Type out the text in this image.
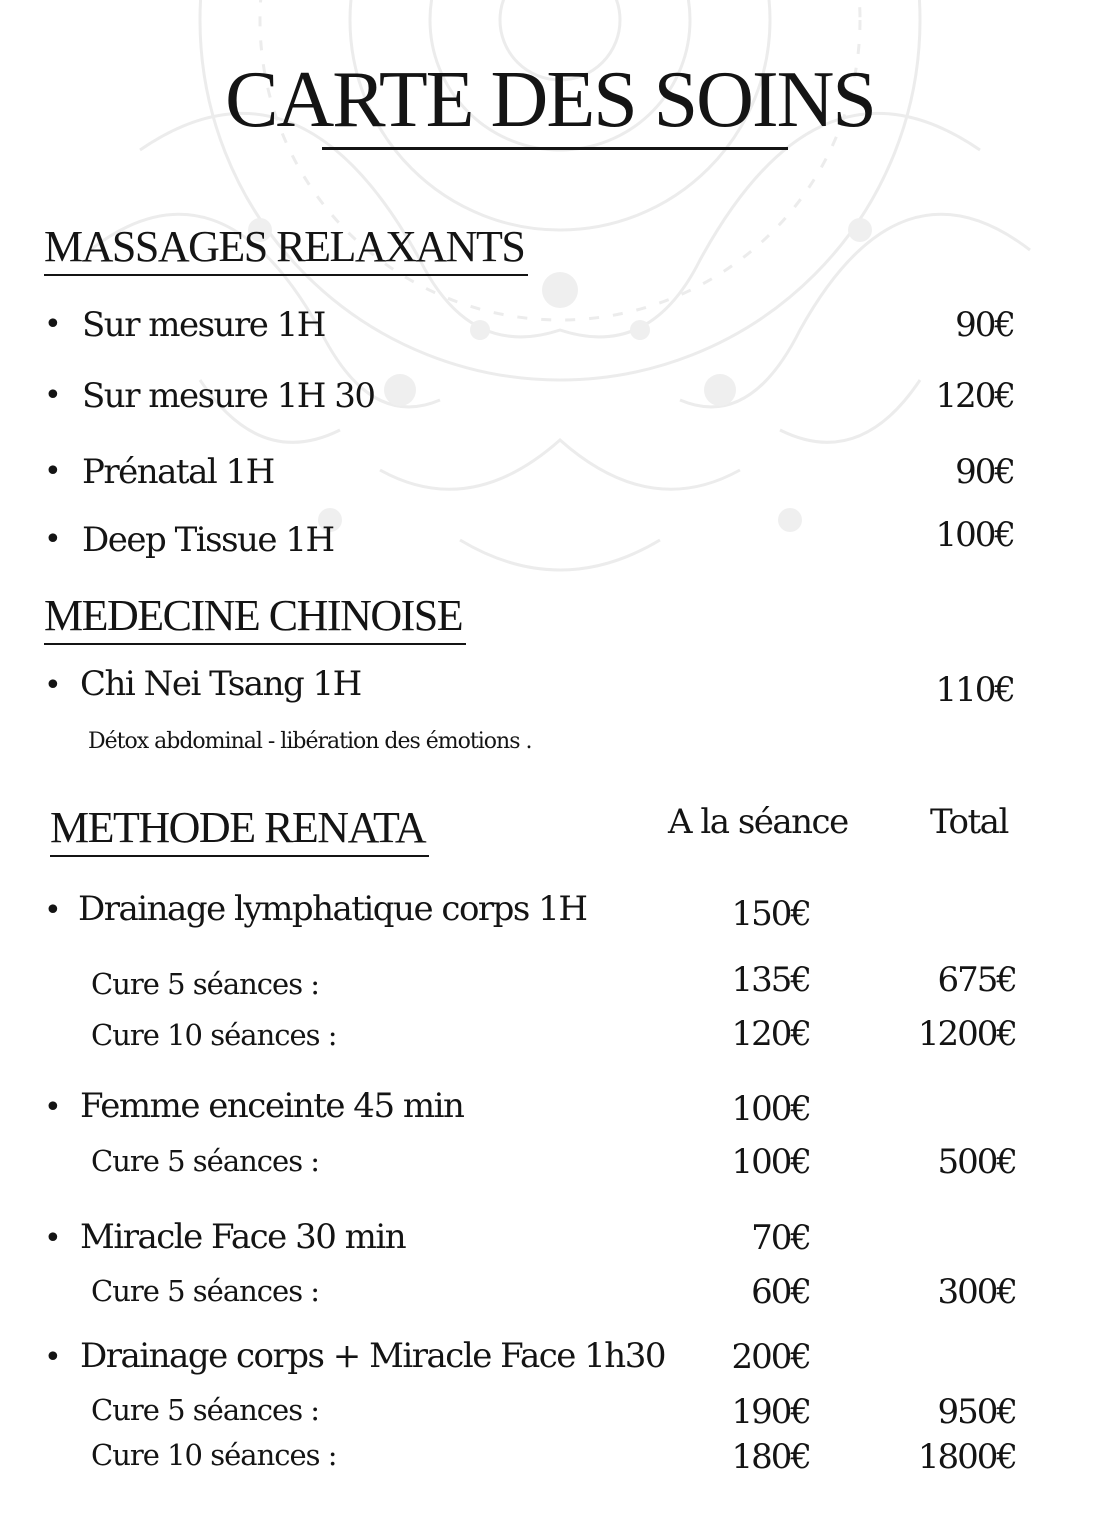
CARTE DES SOINS
MASSAGES RELAXANTS
• Sur mesure 1H	90€
• Sur mesure 1H 30	120€
• Prénatal 1H	90€
• Deep Tissue 1H	100€
MEDECINE CHINOISE
• Chi Nei Tsang 1H	110€
Détox abdominal - libération des émotions .
METHODE RENATA	A la séance Total
• Drainage lymphatique corps 1H	150€
Cure 5 séances :	135€	675€
Cure 10 séances :	120€	1200€
• Femme enceinte 45 min	100€
Cure 5 séances :	100€	500€
• Miracle Face 30 min	70€
Cure 5 séances :	60€	300€
• Drainage corps + Miracle Face 1h30 200€
Cure 5 séances :	190€	950€
Cure 10 séances :	180€	1800€
